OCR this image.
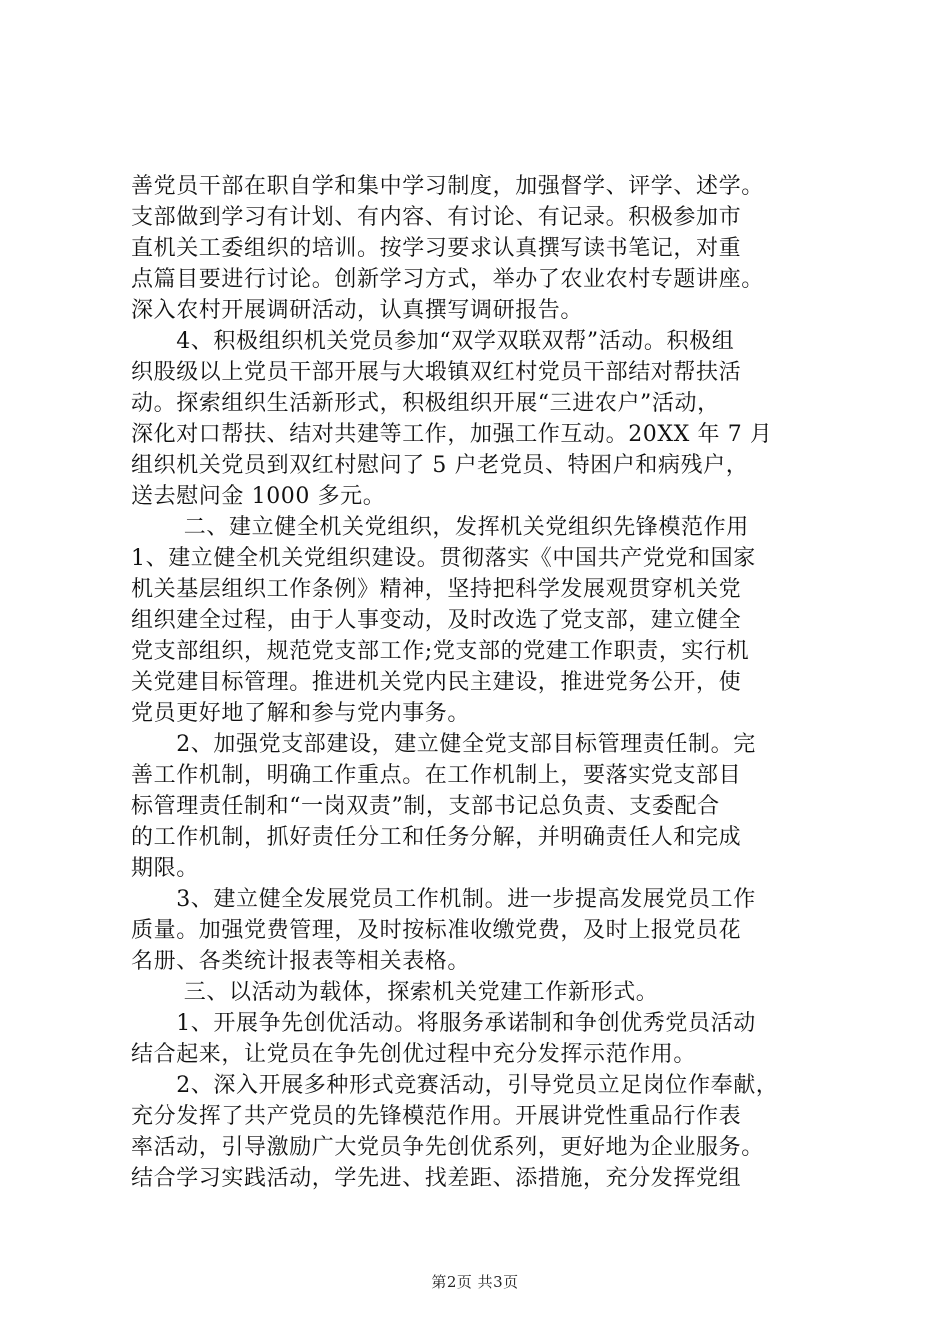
善党员干部在职自学和集中学习制度，加强督学、评学、述学。
支部做到学习有计划、有内容、有讨论、有记录。积极参加市
直机关工委组织的培训。按学习要求认真撰写读书笔记，对重
点篇目要进行讨论。创新学习方式，举办了农业农村专题讲座。
深入农村开展调研活动，认真撰写调研报告。
　　4、积极组织机关党员参加“双学双联双帮”活动。积极组
织股级以上党员干部开展与大塅镇双红村党员干部结对帮扶活
动。探索组织生活新形式，积极组织开展“三进农户”活动，
深化对口帮扶、结对共建等工作，加强工作互动。20XX 年 7 月
组织机关党员到双红村慰问了 5 户老党员、特困户和病残户，
送去慰问金 1000 多元。
　　 二、建立健全机关党组织，发挥机关党组织先锋模范作用
1、建立健全机关党组织建设。贯彻落实《中国共产党党和国家
机关基层组织工作条例》精神，坚持把科学发展观贯穿机关党
组织建全过程，由于人事变动，及时改选了党支部，建立健全
党支部组织，规范党支部工作;党支部的党建工作职责，实行机
关党建目标管理。推进机关党内民主建设，推进党务公开，使
党员更好地了解和参与党内事务。
　　2、加强党支部建设，建立健全党支部目标管理责任制。完
善工作机制，明确工作重点。在工作机制上，要落实党支部目
标管理责任制和“一岗双责”制，支部书记总负责、支委配合
的工作机制，抓好责任分工和任务分解，并明确责任人和完成
期限。
　　3、建立健全发展党员工作机制。进一步提高发展党员工作
质量。加强党费管理，及时按标准收缴党费，及时上报党员花
名册、各类统计报表等相关表格。
　　 三、以活动为载体，探索机关党建工作新形式。
　　1、开展争先创优活动。将服务承诺制和争创优秀党员活动
结合起来，让党员在争先创优过程中充分发挥示范作用。
　　2、深入开展多种形式竞赛活动，引导党员立足岗位作奉献，
充分发挥了共产党员的先锋模范作用。开展讲党性重品行作表
率活动，引导激励广大党员争先创优系列，更好地为企业服务。
结合学习实践活动，学先进、找差距、添措施，充分发挥党组
第2页 共3页
